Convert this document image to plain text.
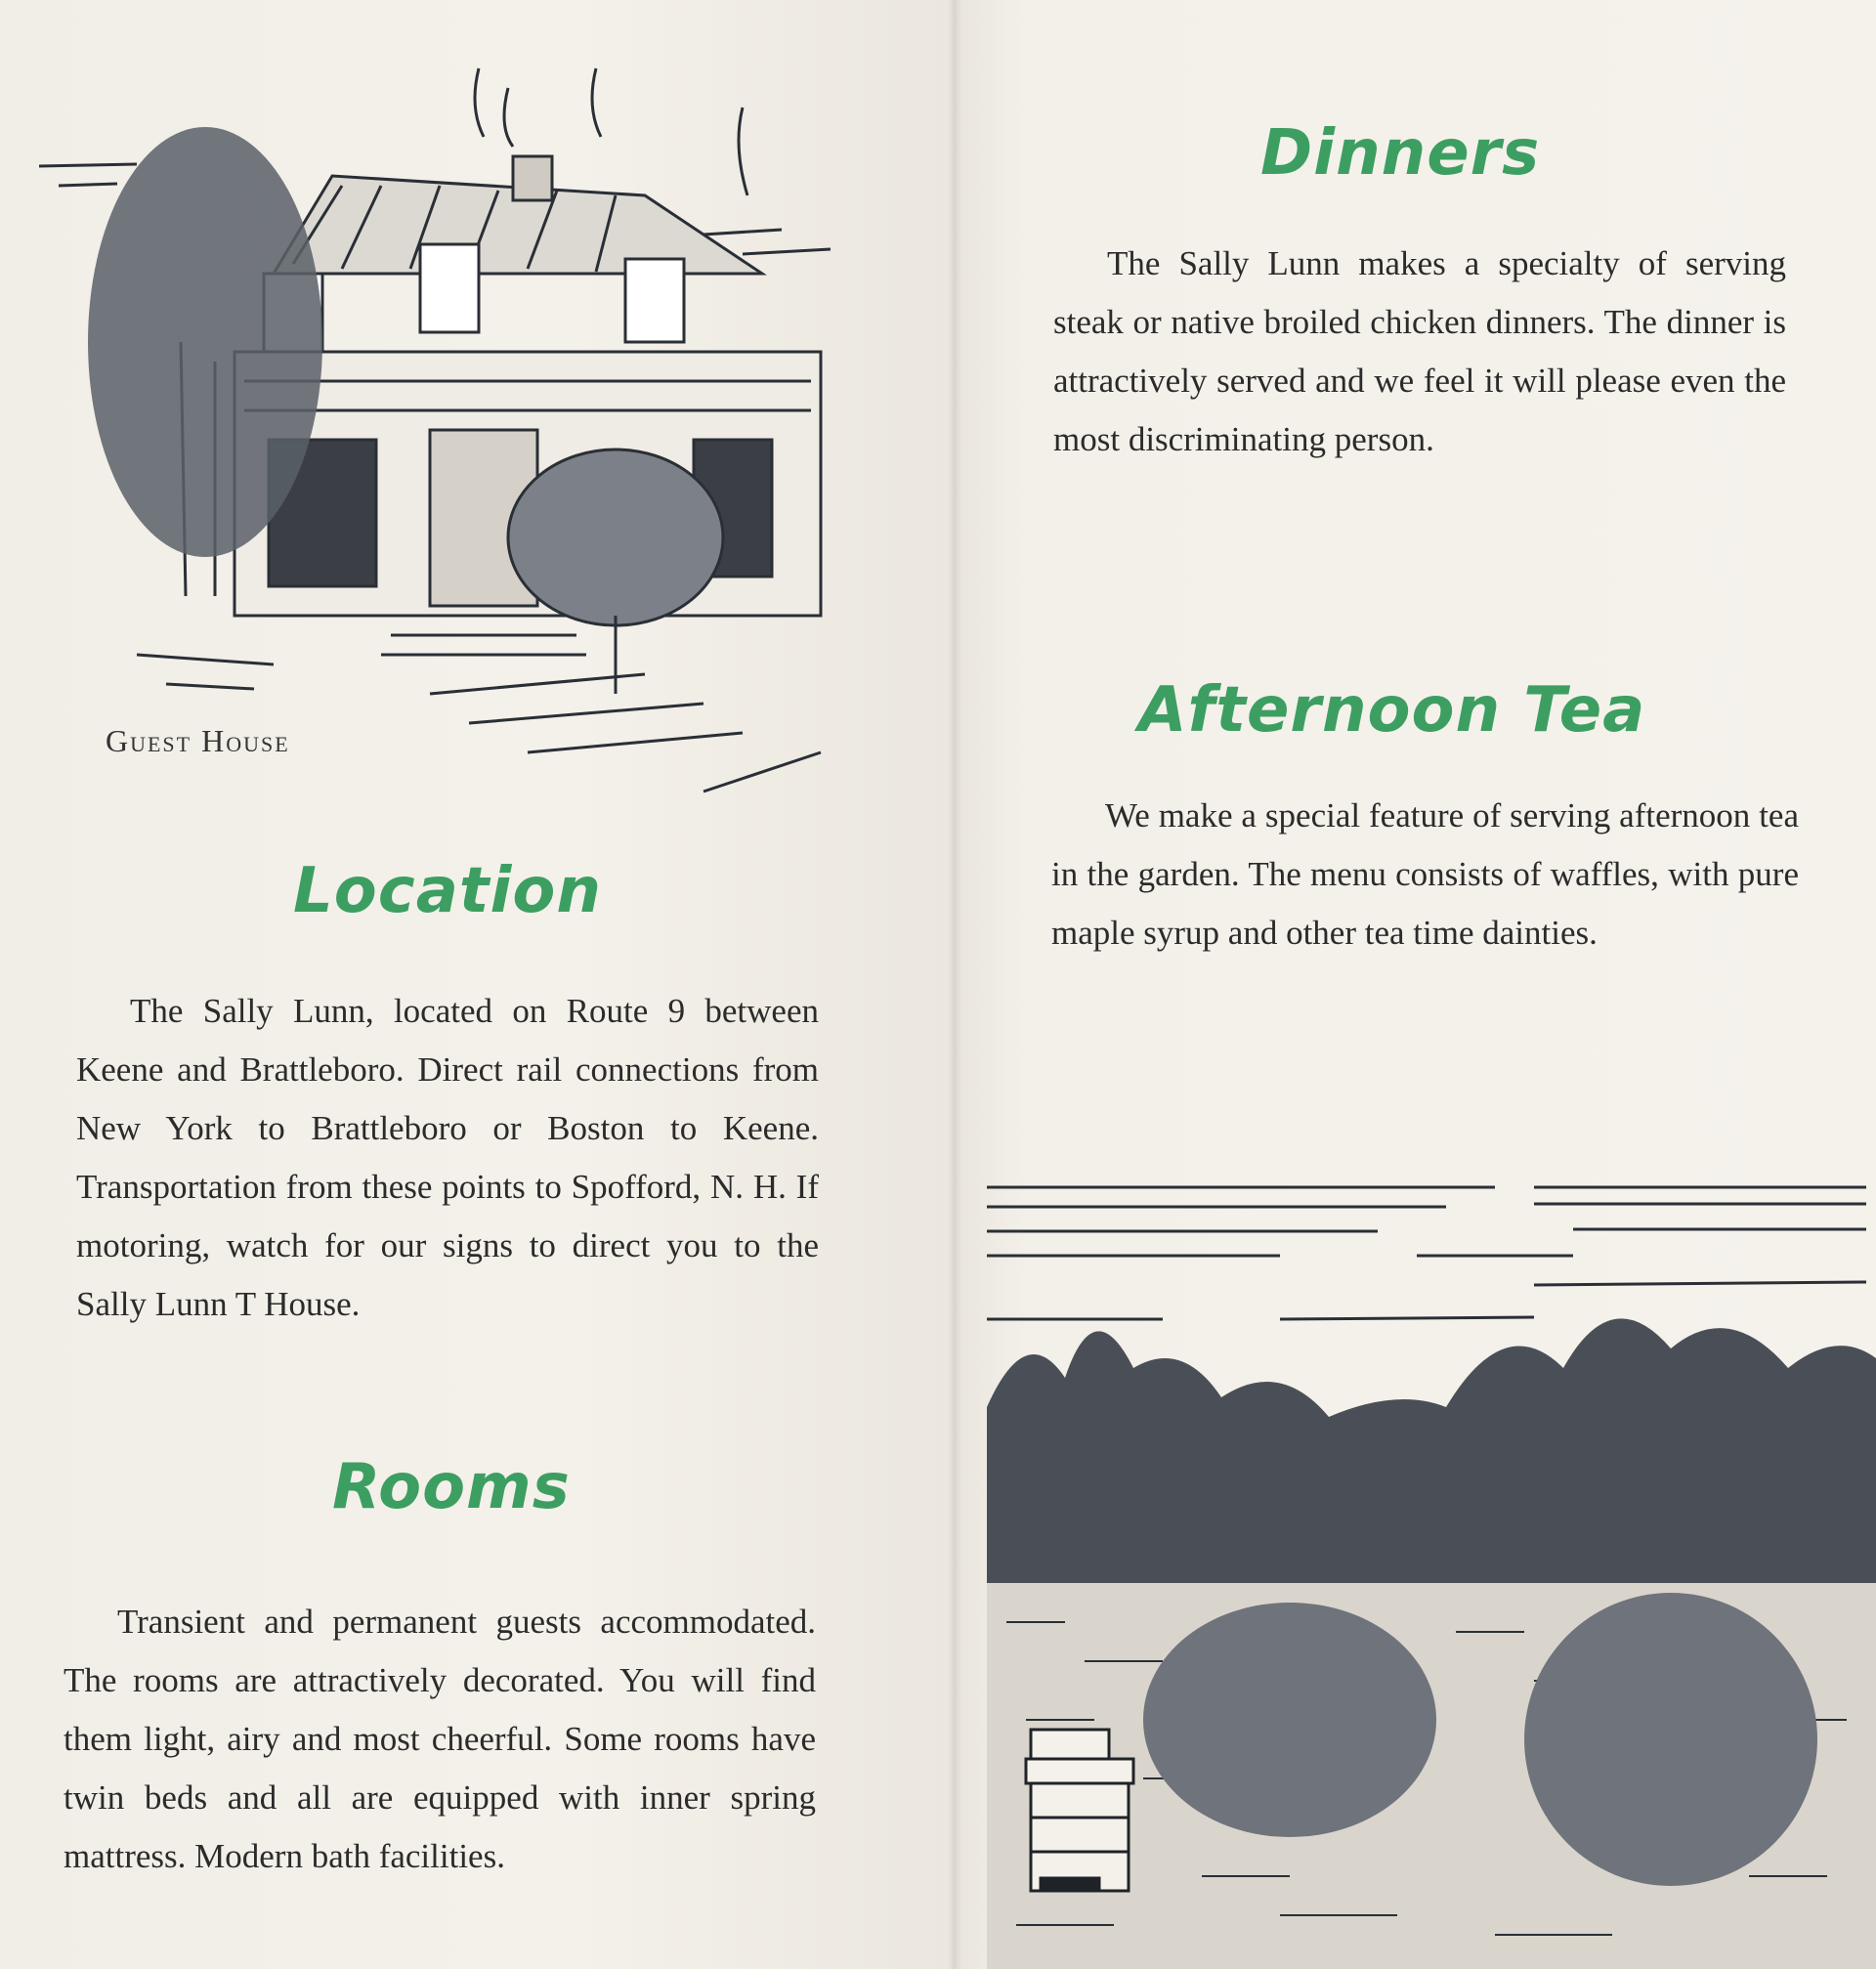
Guest House

Location

The Sally Lunn, located on Route 9 between Keene and Brattleboro. Direct rail connections from New York to Brattleboro or Boston to Keene. Transportation from these points to Spofford, N. H. If motoring, watch for our signs to direct you to the Sally Lunn T House.

Rooms

Transient and permanent guests accommodated. The rooms are attractively decorated. You will find them light, airy and most cheerful. Some rooms have twin beds and all are equipped with inner spring mattress. Modern bath facilities.

Dinners

The Sally Lunn makes a specialty of serving steak or native broiled chicken dinners. The dinner is attractively served and we feel it will please even the most discriminating person.

Afternoon Tea

We make a special feature of serving afternoon tea in the garden. The menu consists of waffles, with pure maple syrup and other tea time dainties.
